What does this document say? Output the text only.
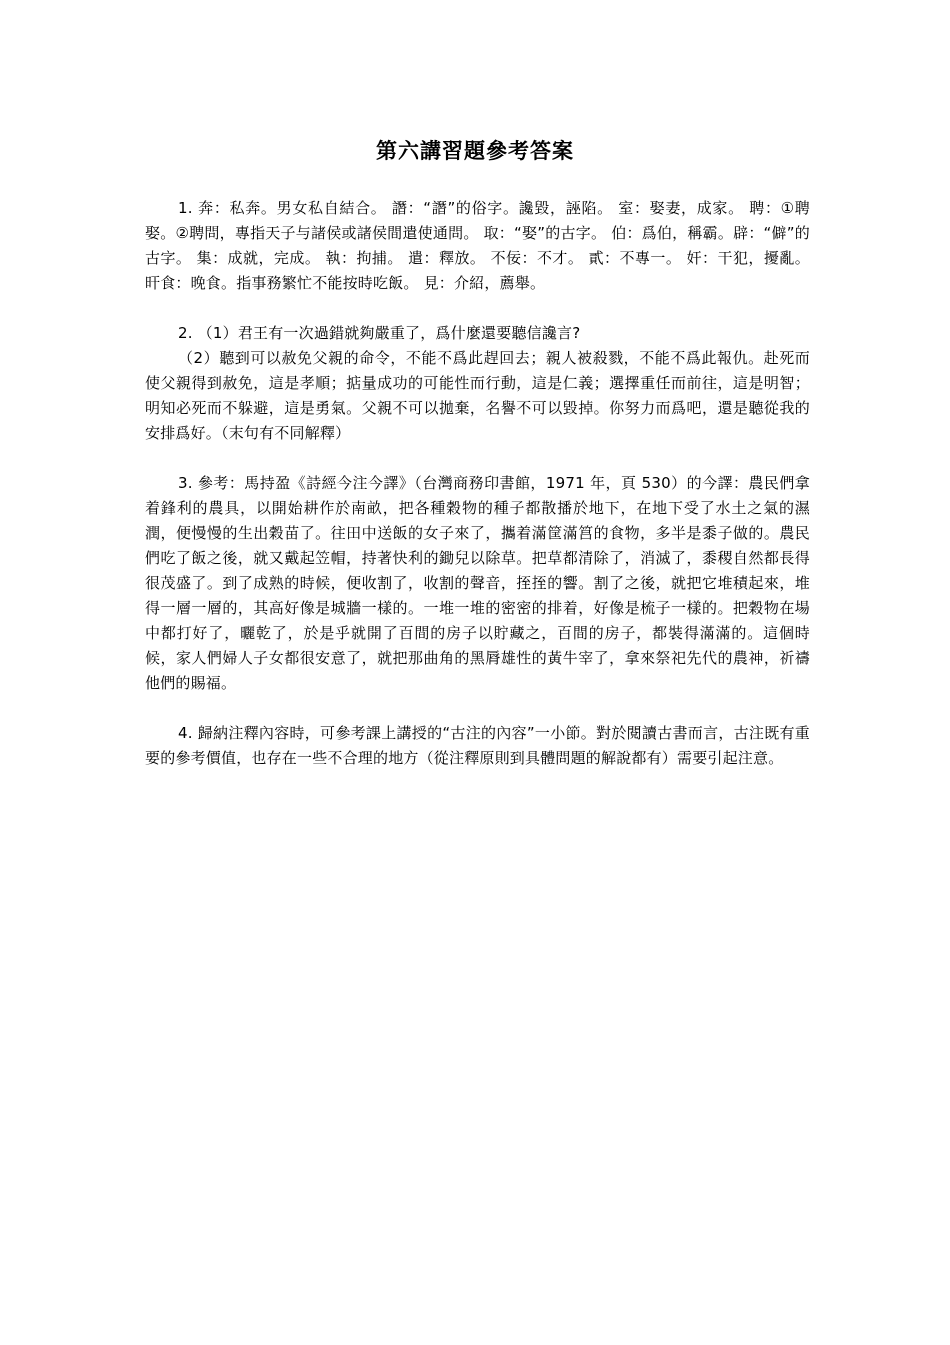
第六講習題參考答案

1. 奔：私奔。男女私自結合。 譖：“譖”的俗字。讒毀，誣陷。 室：娶妻，成家。 聘：①聘娶。②聘問，專指天子与諸侯或諸侯間遣使通問。 取：“娶”的古字。 伯：爲伯，稱霸。辟：“僻”的古字。 集：成就，完成。 執：拘捕。 遣：釋放。 不佞：不才。 貳：不專一。 奸：干犯，擾亂。 旰食：晚食。指事務繁忙不能按時吃飯。 見：介紹，薦舉。

2. （1）君王有一次過錯就夠嚴重了，爲什麼還要聽信讒言?

（2）聽到可以赦免父親的命令，不能不爲此趕回去；親人被殺戮，不能不爲此報仇。赴死而使父親得到赦免，這是孝順；掂量成功的可能性而行動，這是仁義；選擇重任而前往，這是明智；明知必死而不躲避，這是勇氣。父親不可以拋棄，名譽不可以毀掉。你努力而爲吧，還是聽從我的安排爲好。（末句有不同解釋）

3. 參考：馬持盈《詩經今注今譯》（台灣商務印書館，1971 年，頁 530）的今譯：農民們拿着鋒利的農具，以開始耕作於南畝，把各種穀物的種子都散播於地下，在地下受了水土之氣的濕潤，便慢慢的生出穀苗了。往田中送飯的女子來了，攜着滿筐滿筥的食物，多半是黍子做的。農民們吃了飯之後，就又戴起笠帽，持著快利的鋤兒以除草。把草都清除了，消滅了，黍稷自然都長得很茂盛了。到了成熟的時候，便收割了，收割的聲音，挃挃的響。割了之後，就把它堆積起來，堆得一層一層的，其高好像是城牆一樣的。一堆一堆的密密的排着，好像是梳子一樣的。把穀物在場中都打好了，曬乾了，於是乎就開了百間的房子以貯藏之，百間的房子，都裝得滿滿的。這個時候，家人們婦人子女都很安意了，就把那曲角的黑脣雄性的黃牛宰了，拿來祭祀先代的農神，祈禱他們的賜福。

4. 歸納注釋內容時，可參考課上講授的“古注的內容”一小節。對於閱讀古書而言，古注既有重要的參考價值，也存在一些不合理的地方（從注釋原則到具體問題的解說都有）需要引起注意。
